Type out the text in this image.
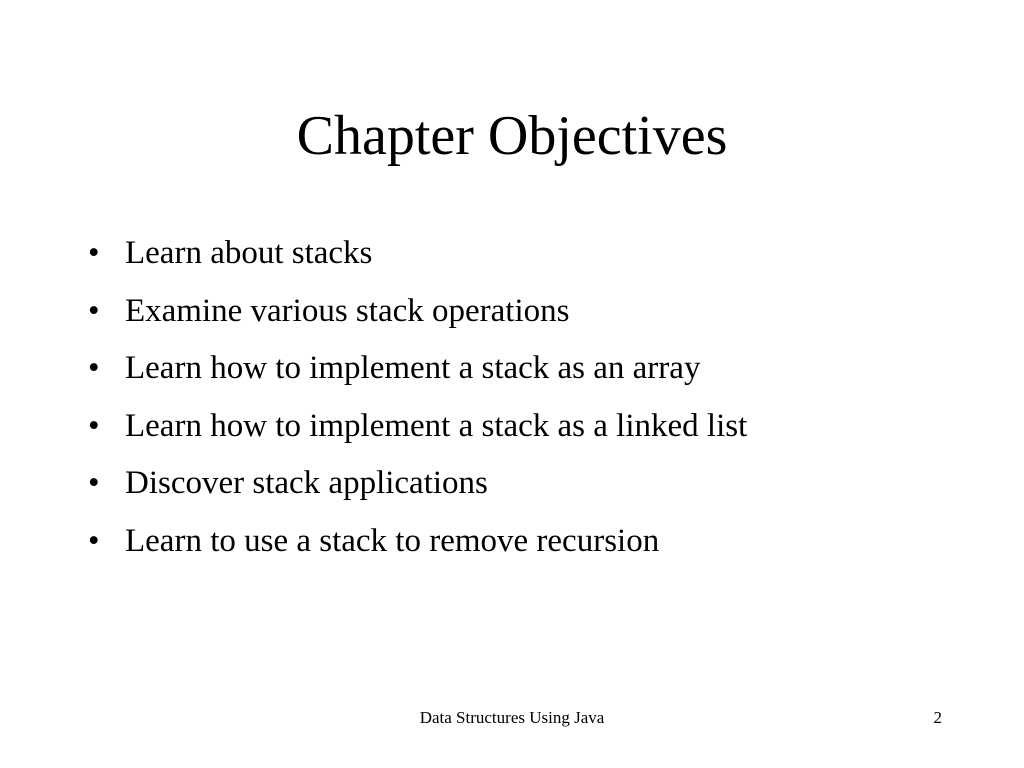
Chapter Objectives
• Learn about stacks
• Examine various stack operations
• Learn how to implement a stack as an array
• Learn how to implement a stack as a linked list
• Discover stack applications
• Learn to use a stack to remove recursion
Data Structures Using Java	2
